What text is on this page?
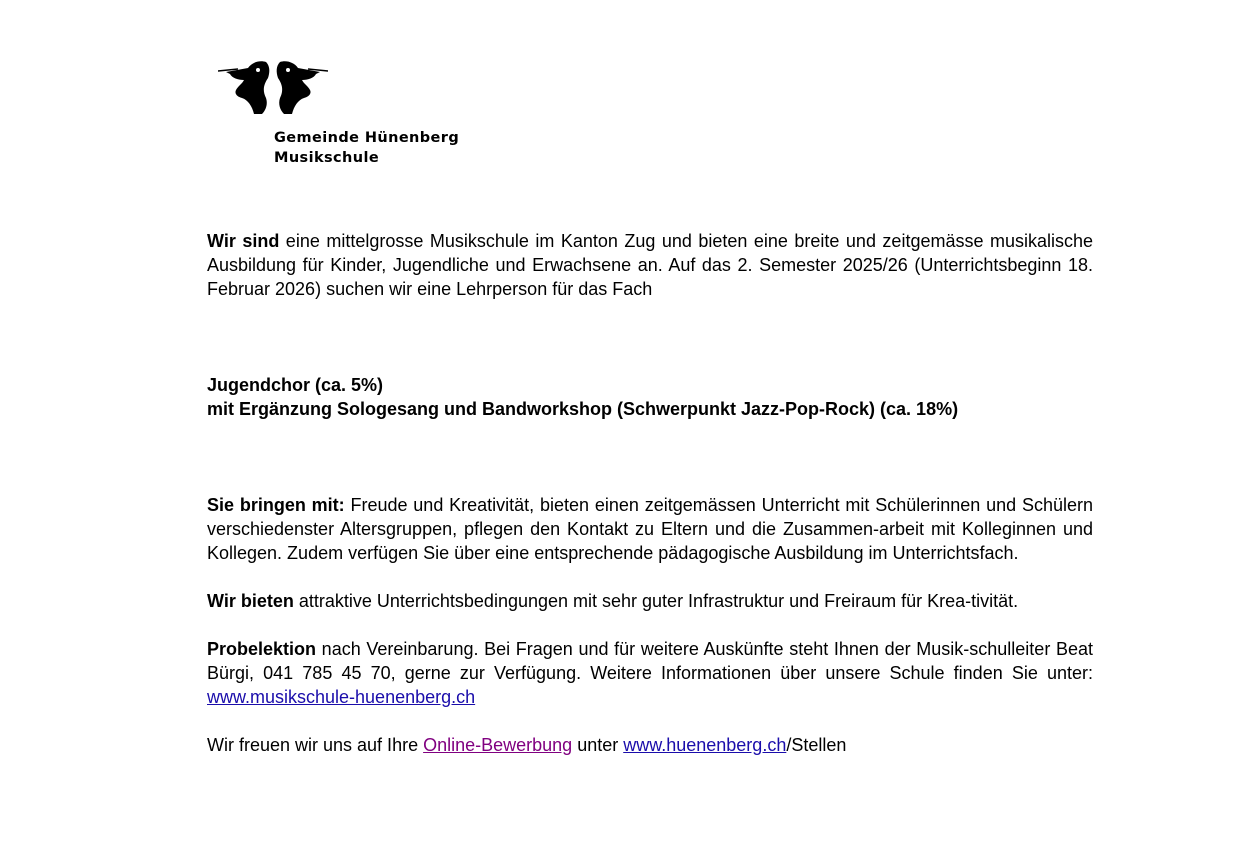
Gemeinde Hünenberg
Musikschule

Wir sind eine mittelgrosse Musikschule im Kanton Zug und bieten eine breite und zeitgemässe musikalische Ausbildung für Kinder, Jugendliche und Erwachsene an. Auf das 2. Semester 2025/26 (Unterrichtsbeginn 18. Februar 2026) suchen wir eine Lehrperson für das Fach

Jugendchor (ca. 5%)
mit Ergänzung Sologesang und Bandworkshop (Schwerpunkt Jazz-Pop-Rock) (ca. 18%)

Sie bringen mit: Freude und Kreativität, bieten einen zeitgemässen Unterricht mit Schülerinnen und Schülern verschiedenster Altersgruppen, pflegen den Kontakt zu Eltern und die Zusammen-arbeit mit Kolleginnen und Kollegen. Zudem verfügen Sie über eine entsprechende pädagogische Ausbildung im Unterrichtsfach.

Wir bieten attraktive Unterrichtsbedingungen mit sehr guter Infrastruktur und Freiraum für Krea-tivität.

Probelektion nach Vereinbarung. Bei Fragen und für weitere Auskünfte steht Ihnen der Musik-schulleiter Beat Bürgi, 041 785 45 70, gerne zur Verfügung. Weitere Informationen über unsere Schule finden Sie unter: www.musikschule-huenenberg.ch

Wir freuen wir uns auf Ihre Online-Bewerbung unter www.huenenberg.ch/Stellen
